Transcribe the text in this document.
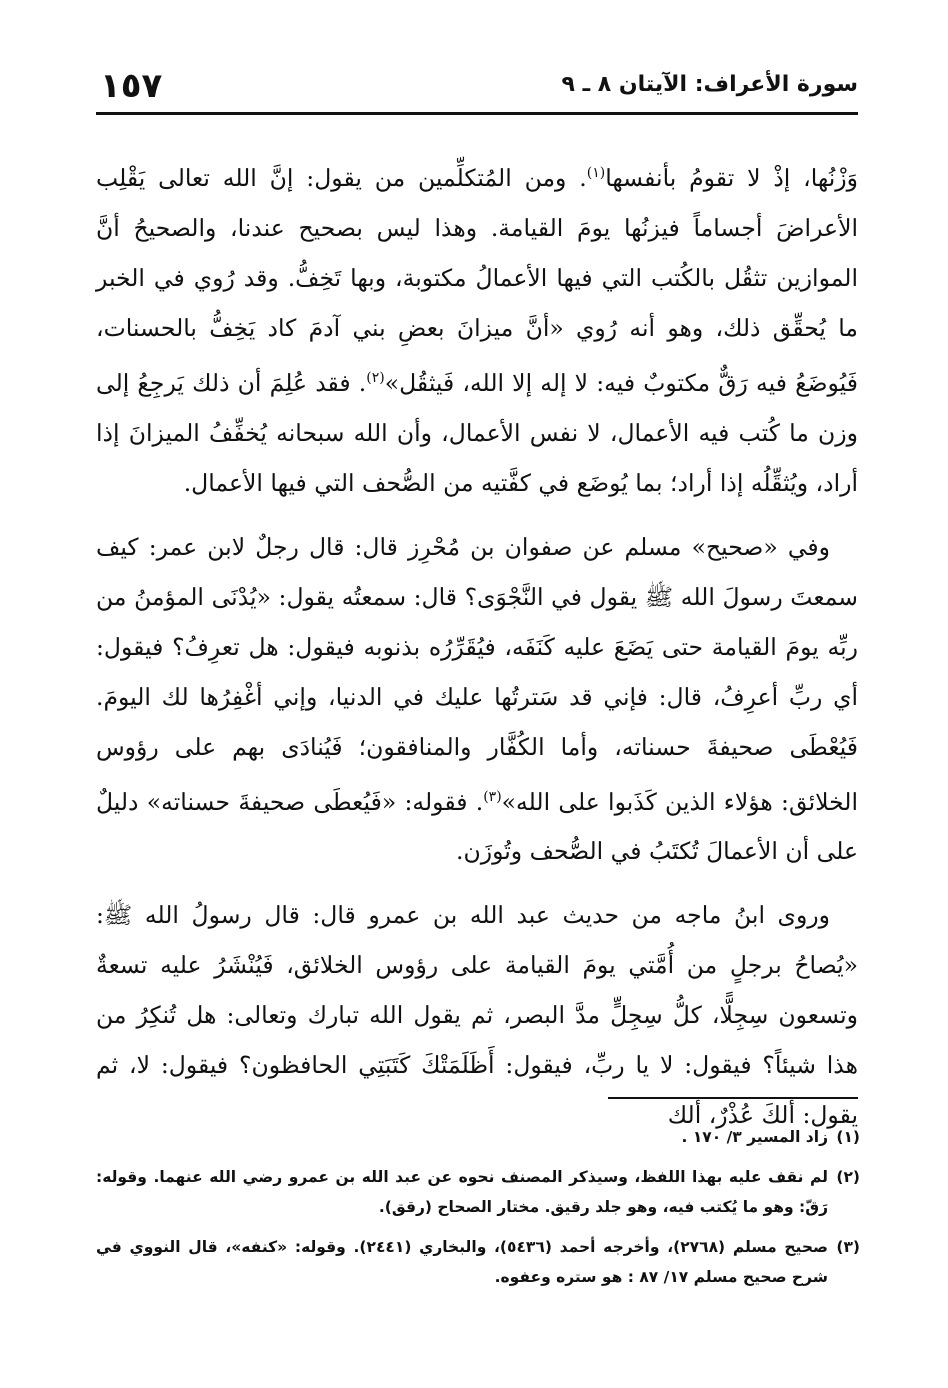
١٥٧	سورة الأعراف: الآيتان ٨ ـ ٩

وَزْنُها، إذْ لا تقومُ بأنفسها$^{(١)}$. ومن المُتكلِّمين من يقول: إنَّ الله تعالى يَقْلِب الأعراضَ أجساماً فيزنُها يومَ القيامة. وهذا ليس بصحيح عندنا، والصحيحُ أنَّ الموازين تثقُل بالكُتب التي فيها الأعمالُ مكتوبة، وبها تَخِفُّ. وقد رُوي في الخبر ما يُحقِّق ذلك، وهو أنه رُوي «أنَّ ميزانَ بعضِ بني آدمَ كاد يَخِفُّ بالحسنات، فَيُوضَعُ فيه رَقٌّ مكتوبٌ فيه: لا إله إلا الله، فَيثقُل»$^{(٢)}$. فقد عُلِمَ أن ذلك يَرجِعُ إلى وزن ما كُتب فيه الأعمال، لا نفس الأعمال، وأن الله سبحانه يُخفِّفُ الميزانَ إذا أراد، ويُثقِّلُه إذا أراد؛ بما يُوضَع في كفَّتيه من الصُّحف التي فيها الأعمال.

وفي «صحيح» مسلم عن صفوان بن مُحْرِز قال: قال رجلٌ لابن عمر: كيف سمعتَ رسولَ الله ﷺ يقول في النَّجْوَى؟ قال: سمعتُه يقول: «يُدْنَى المؤمنُ من ربِّه يومَ القيامة حتى يَضَعَ عليه كَنَفَه، فيُقَرِّرُه بذنوبه فيقول: هل تعرِفُ؟ فيقول: أي ربِّ أعرِفُ، قال: فإني قد سَترتُها عليك في الدنيا، وإني أغْفِرُها لك اليومَ. فَيُعْطَى صحيفةَ حسناته، وأما الكُفَّار والمنافقون؛ فَيُنادَى بهم على رؤوس الخلائق: هؤلاء الذين كَذَبوا على الله»$^{(٣)}$. فقوله: «فَيُعطَى صحيفةَ حسناته» دليلٌ على أن الأعمالَ تُكتَبُ في الصُّحف وتُوزَن.

وروى ابنُ ماجه من حديث عبد الله بن عمرو قال: قال رسولُ الله ﷺ: «يُصاحُ برجلٍ من أُمَّتي يومَ القيامة على رؤوس الخلائق، فَيُنْشَرُ عليه تسعةٌ وتسعون سِجِلًّا، كلُّ سِجِلٍّ مدَّ البصر، ثم يقول الله تبارك وتعالى: هل تُنكِرُ من هذا شيئاً؟ فيقول: لا يا ربِّ، فيقول: أَظَلَمَتْكَ كَتَبَتِي الحافظون؟ فيقول: لا، ثم يقول: ألكَ عُذْرٌ، ألك

(١)
زاد المسير ٣/ ١٧٠ .

(٢)
لم نقف عليه بهذا اللفظ، وسيذكر المصنف نحوه عن عبد الله بن عمرو رضي الله عنهما. وقوله: رَقّ: وهو ما يُكتب فيه، وهو جلد رقيق. مختار الصحاح (رقق).

(٣)
صحيح مسلم (٢٧٦٨)، وأخرجه أحمد (٥٤٣٦)، والبخاري (٢٤٤١). وقوله: «كنفه»، قال النووي في شرح صحيح مسلم ١٧/ ٨٧ : هو ستره وعفوه.
